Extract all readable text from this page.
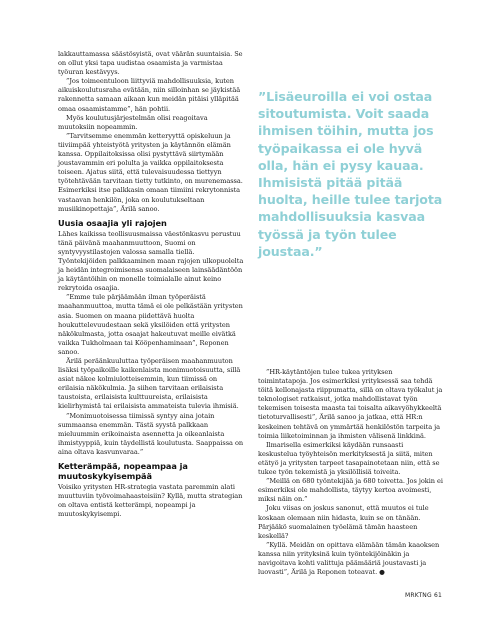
lakkauttamassa säästösyistä, ovat väärän suuntaisia. Se on ollut yksi tapa uudistaa osaamista ja varmistaa työuran kestävyys.

”Jos toimeentuloon liittyviä mahdollisuuksia, kuten aikuiskoulutusraha evätään, niin silloinhan se jäykistää rakennetta samaan aikaan kun meidän pitäisi ylläpitää omaa osaamistamme”, hän pohtii.

Myös koulutusjärjestelmän olisi reagoitava muutoksiin nopeammin.

”Tarvitsemme enemmän ketteryyttä opiskeluun ja tiiviimpää yhteistyötä yritysten ja käytännön elämän kanssa. Oppilaitoksissa olisi pystyttävä siirtymään joustavammin eri polulta ja vaikka oppilaitoksesta toiseen. Ajatus siitä, että tulevaisuudessa tiettyyn työtehtävään tarvitaan tietty tutkinto, on murenemassa. Esimerkiksi itse palkkasin omaan tiimiini rekrytonnista vastaavan henkilön, joka on koulutukseltaan musiikinopettaja”, Ärilä sanoo.

Uusia osaajia yli rajojen

Lähes kaikissa teollisuusmaissa väestönkasvu perustuu tänä päivänä maahanmuuttoon, Suomi on syntyvyystilastojen valossa samalla tiellä. Työntekijöiden palkkaaminen maan rajojen ulkopuolelta ja heidän integroimisensa suomalaiseen lainsäädäntöön ja käytäntöihin on monelle toimialalle ainut keino rekrytoida osaajia.

”Emme tule pärjäämään ilman työperäistä maahanmuuttoa, mutta tämä ei ole pelkästään yritysten asia. Suomen on maana piidettävä huolta houkuttelevuudestaan sekä yksilöiden että yritysten näkökulmasta, jotta osaajat hakeutuvat meille eivätkä vaikka Tukholmaan tai Kööpenhaminaan”, Reponen sanoo.

Ärilä peräänkuuluttaa työperäisen maahanmuuton lisäksi työpaikoille kaikenlaista monimuotoisuutta, sillä asiat näkee kolmiulotteisemmin, kun tiimissä on erilaisia näkökulmia. Ja siihen tarvitaan erilaisista taustoista, erilaisista kulttuureista, erilaisista kielirhymistä tai erilaisista ammateista tulevia ihmisiä.

”Monimuotoisessa tiimissä syntyy aina jotain summaansa enemmän. Tästä syystä palkkaan mieluummin erikoinaista asennetta ja oikeanlaista ihmistyyppiä, kuin täydellistä koulutusta. Saappaissa on aina oltava kasvunvaraa.”

Ketterämpää, nopeampaa ja muutoskykyisempää

Voisiko yritysten HR-strategia vastata paremmin alati muuttuviin työvoimahaasteisiin? Kyllä, mutta strategian on oltava entistä ketterämpi, nopeampi ja muutoskykyisempi.

”Lisäeuroilla ei voi ostaa sitoutumista. Voit saada ihmisen töihin, mutta jos työpaikassa ei ole hyvä olla, hän ei pysy kauaa. Ihmisistä pitää pitää huolta, heille tulee tarjota mahdollisuuksia kasvaa työssä ja työn tulee joustaa.”

”HR-käytäntöjen tulee tukea yrityksen toimintatapoja. Jos esimerkiksi yrityksessä saa tehdä töitä kellonajasta riippumatta, sillä on oltava työkalut ja teknologiset ratkaisut, jotka mahdollistavat työn tekemisen toisesta maasta tai toisalta aikavyöhykkeeltä tietoturvallisesti”, Ärilä sanoo ja jatkaa, että HR:n keskeinen tehtävä on ymmärtää henkilöstön tarpeita ja toimia liiketoiminnan ja ihmisten välisenä linkkinä.

Ilmarisella esimerkiksi käydään runsaasti keskustelua työyhteisön merkityksestä ja siitä, miten etätyö ja yritysten tarpeet tasapainotetaan niin, että se tukee työn tekemistä ja yksilöllisiä toiveita.

”Meillä on 680 työntekijää ja 680 toivetta. Jos jokin ei esimerkiksi ole mahdollista, täytyy kertoa avoimesti, miksi näin on.”

Joku viisas on joskus sanonut, että muutos ei tule koskaan olemaan niin hidasta, kuin se on tänään. Pärjääkö suomalainen työelämä tämän haasteen keskellä?

”Kyllä. Meidän on opittava elämään tämän kaaoksen kanssa niin yrityksinä kuin työntekijöinäkin ja navigoitava kohti valittuja päämääriä joustavasti ja luovasti”, Ärilä ja Reponen toteavat. ●

MRKTNG 61
